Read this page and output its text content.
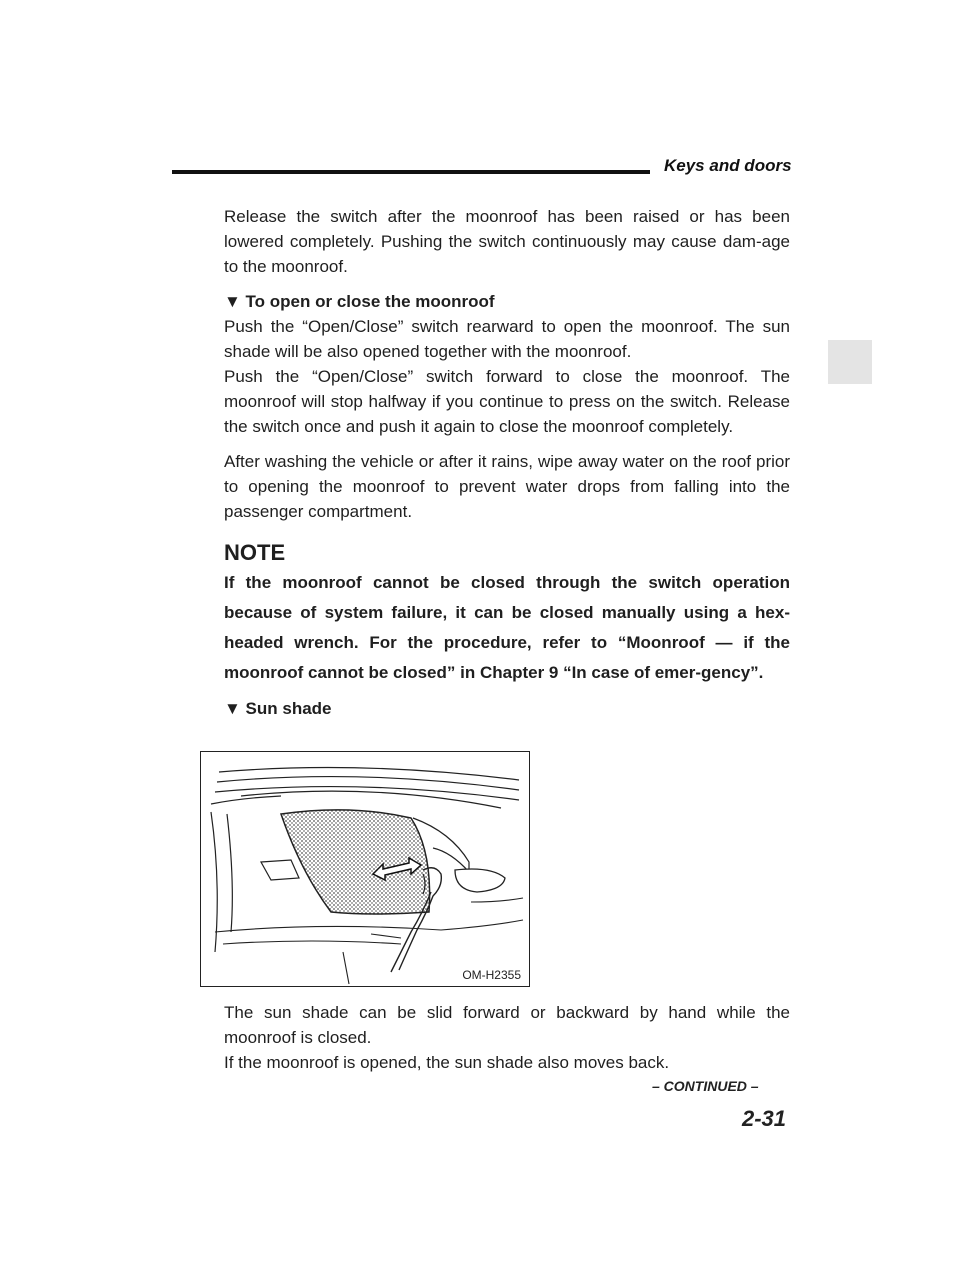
Keys and doors

Release the switch after the moonroof has been raised or has been lowered completely. Pushing the switch continuously may cause dam-age to the moonroof.

▼ To open or close the moonroof

Push the “Open/Close” switch rearward to open the moonroof. The sun shade will be also opened together with the moonroof.

Push the “Open/Close” switch forward to close the moonroof. The moonroof will stop halfway if you continue to press on the switch. Release the switch once and push it again to close the moonroof completely.

After washing the vehicle or after it rains, wipe away water on the roof prior to opening the moonroof to prevent water drops from falling into the passenger compartment.

NOTE

If the moonroof cannot be closed through the switch operation because of system failure, it can be closed manually using a hex-headed wrench. For the procedure, refer to “Moonroof — if the moonroof cannot be closed” in Chapter 9 “In case of emer-gency”.

▼ Sun shade
OM-H2355

The sun shade can be slid forward or backward by hand while the moonroof is closed.

If the moonroof is opened, the sun shade also moves back.

– CONTINUED –
2-31
